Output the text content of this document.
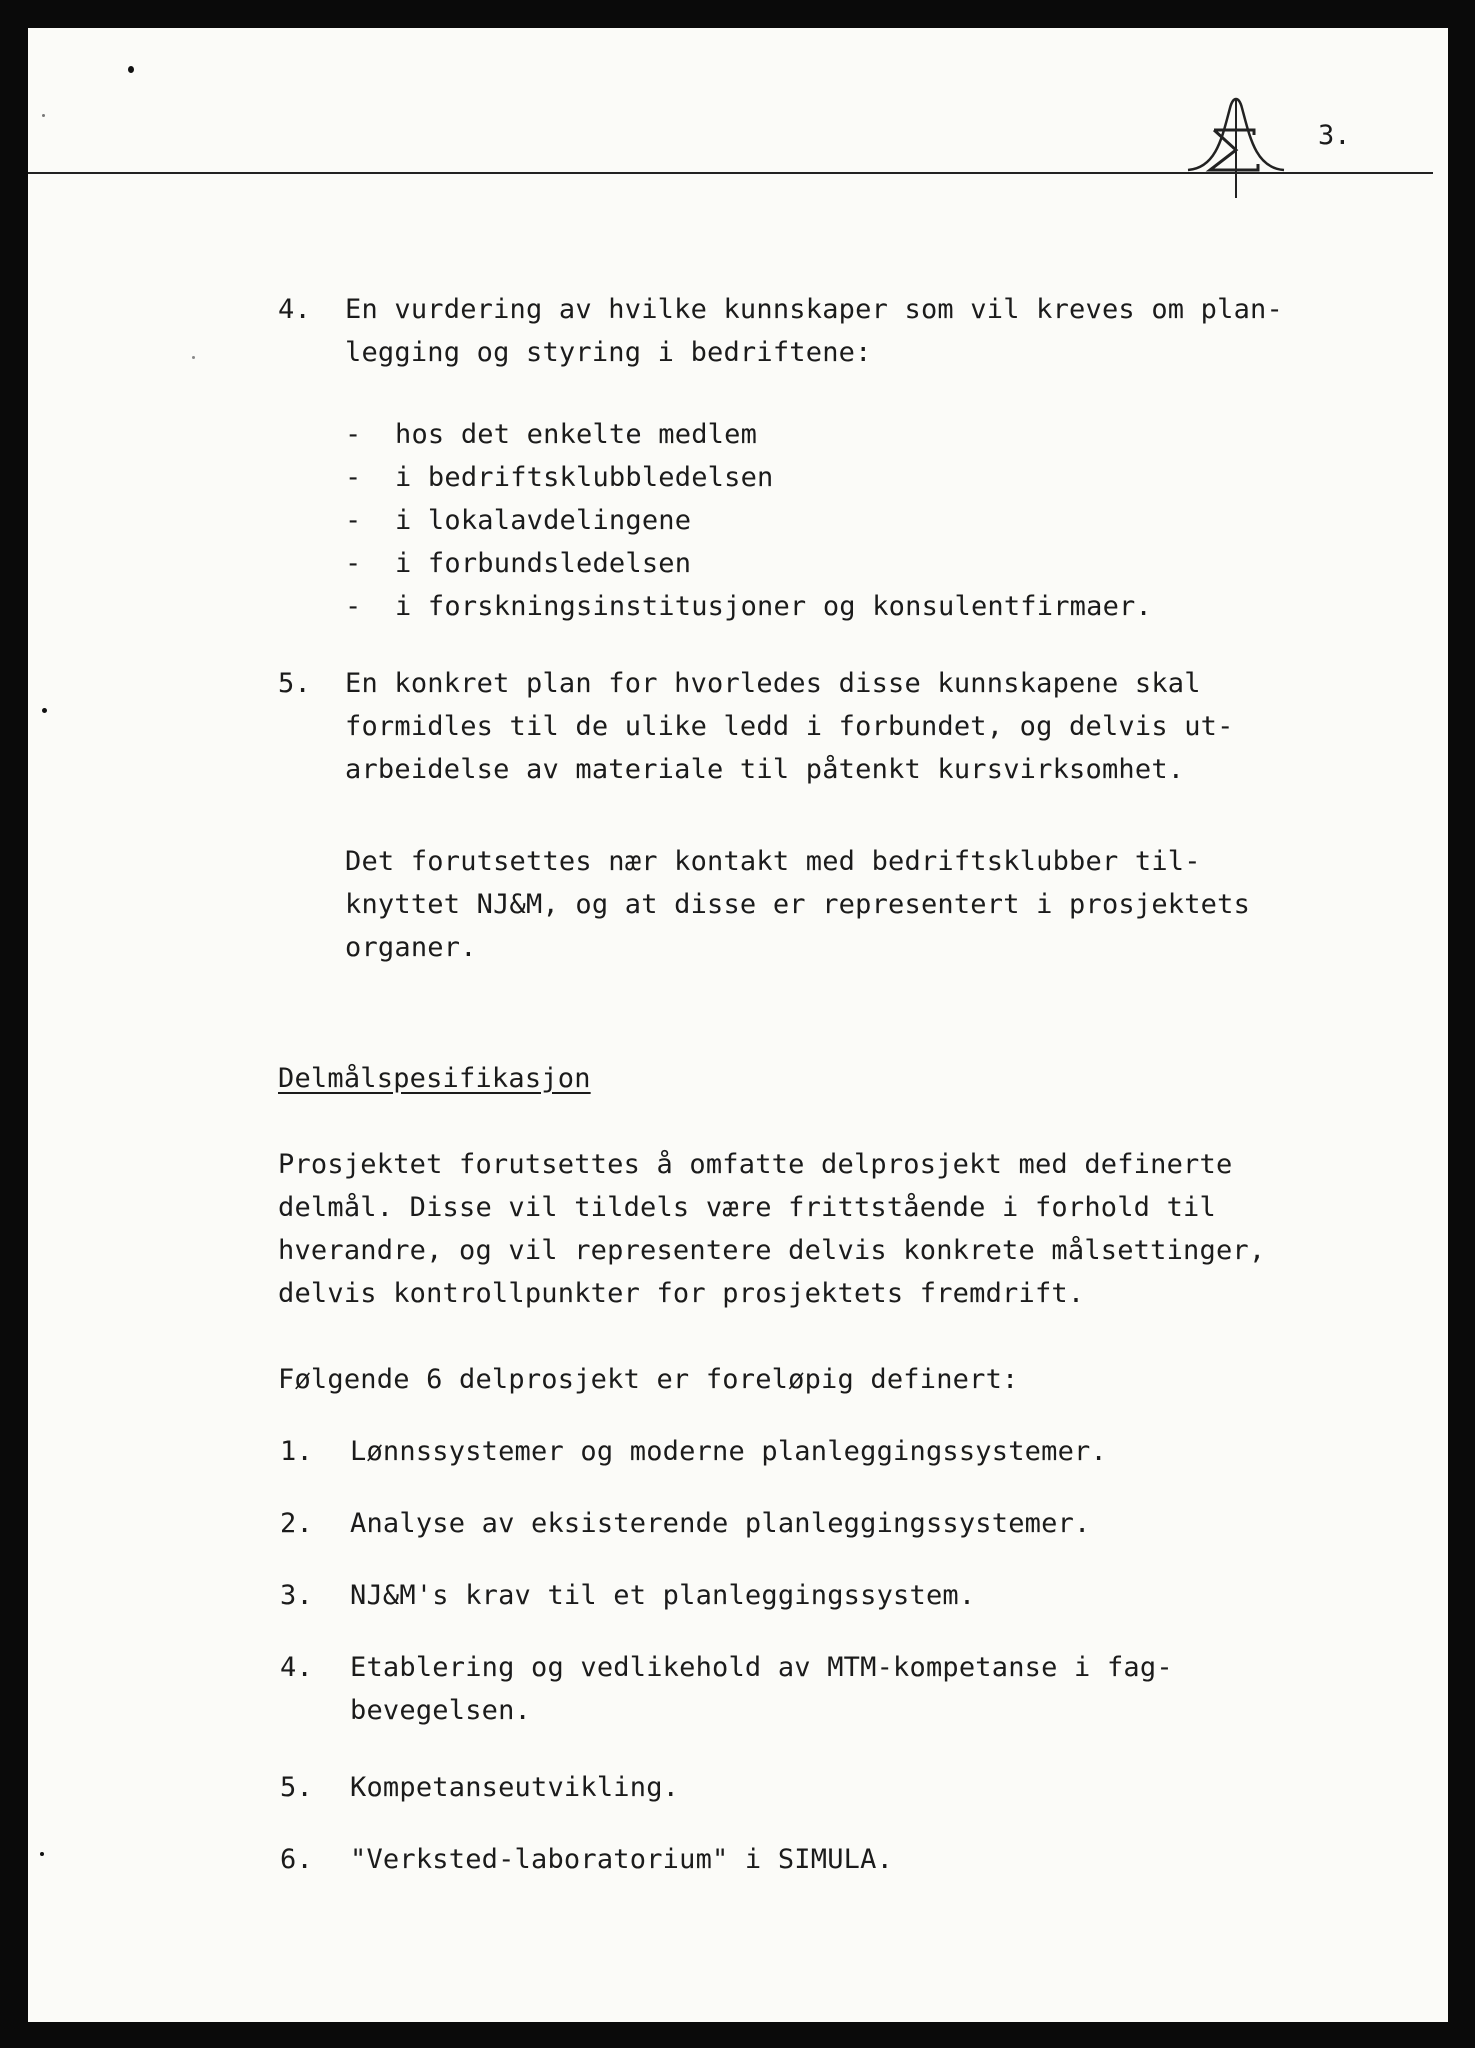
3.
4. En vurdering av hvilke kunnskaper som vil kreves om plan-
legging og styring i bedriftene:
- hos det enkelte medlem
- i bedriftsklubbledelsen
- i lokalavdelingene
- i forbundsledelsen
- i forskningsinstitusjoner og konsulentfirmaer.
5. En konkret plan for hvorledes disse kunnskapene skal
formidles til de ulike ledd i forbundet, og delvis ut-
arbeidelse av materiale til påtenkt kursvirksomhet.
Det forutsettes nær kontakt med bedriftsklubber til-
knyttet NJ&M, og at disse er representert i prosjektets
organer.
Delmålspesifikasjon
Prosjektet forutsettes å omfatte delprosjekt med definerte
delmål. Disse vil tildels være frittstående i forhold til
hverandre, og vil representere delvis konkrete målsettinger,
delvis kontrollpunkter for prosjektets fremdrift.
Følgende 6 delprosjekt er foreløpig definert:
1. Lønnssystemer og moderne planleggingssystemer.
2. Analyse av eksisterende planleggingssystemer.
3. NJ&M's krav til et planleggingssystem.
4. Etablering og vedlikehold av MTM-kompetanse i fag-
bevegelsen.
5. Kompetanseutvikling.
6. "Verksted-laboratorium" i SIMULA.
